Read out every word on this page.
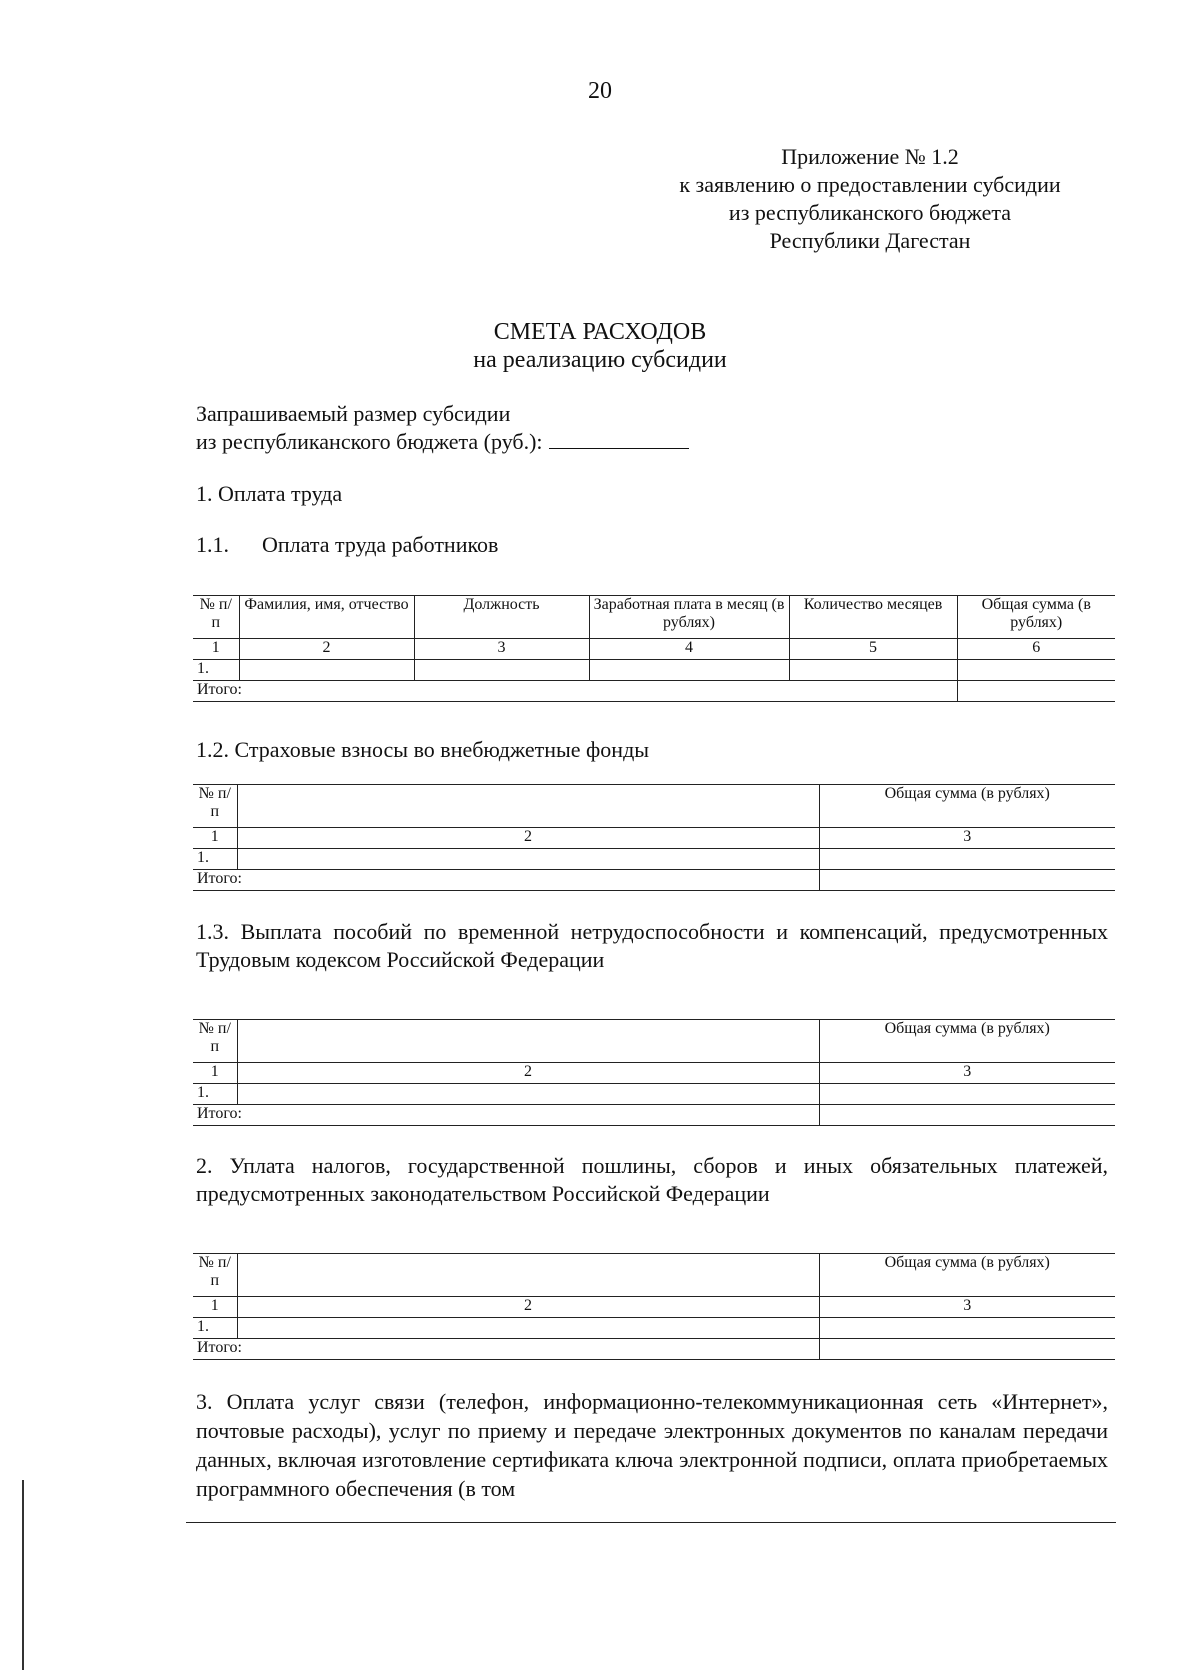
20
Приложение № 1.2
к заявлению о предоставлении субсидии
из республиканского бюджета
Республики Дагестан
СМЕТА РАСХОДОВ
на реализацию субсидии
Запрашиваемый размер субсидии
из республиканского бюджета (руб.):
1. Оплата труда
1.1. Оплата труда работников
№ п/п	Фамилия, имя, отчество	Должность	Заработная плата в месяц (в рублях)	Количество месяцев	Общая сумма (в рублях)
1	2	3	4	5	6
1.					
Итого:					
1.2. Страховые взносы во внебюджетные фонды
№ п/п		Общая сумма (в рублях)
1	2	3
1.		
Итого:		
1.3. Выплата пособий по временной нетрудоспособности и компенсаций, предусмотренных Трудовым кодексом Российской Федерации
№ п/п		Общая сумма (в рублях)
1	2	3
1.		
Итого:		
2. Уплата налогов, государственной пошлины, сборов и иных обязательных платежей, предусмотренных законодательством Российской Федерации
№ п/п		Общая сумма (в рублях)
1	2	3
1.		
Итого:		
3. Оплата услуг связи (телефон, информационно-телекоммуникационная сеть «Интернет», почтовые расходы), услуг по приему и передаче электронных документов по каналам передачи данных, включая изготовление сертификата ключа электронной подписи, оплата приобретаемых программного обеспечения (в том
